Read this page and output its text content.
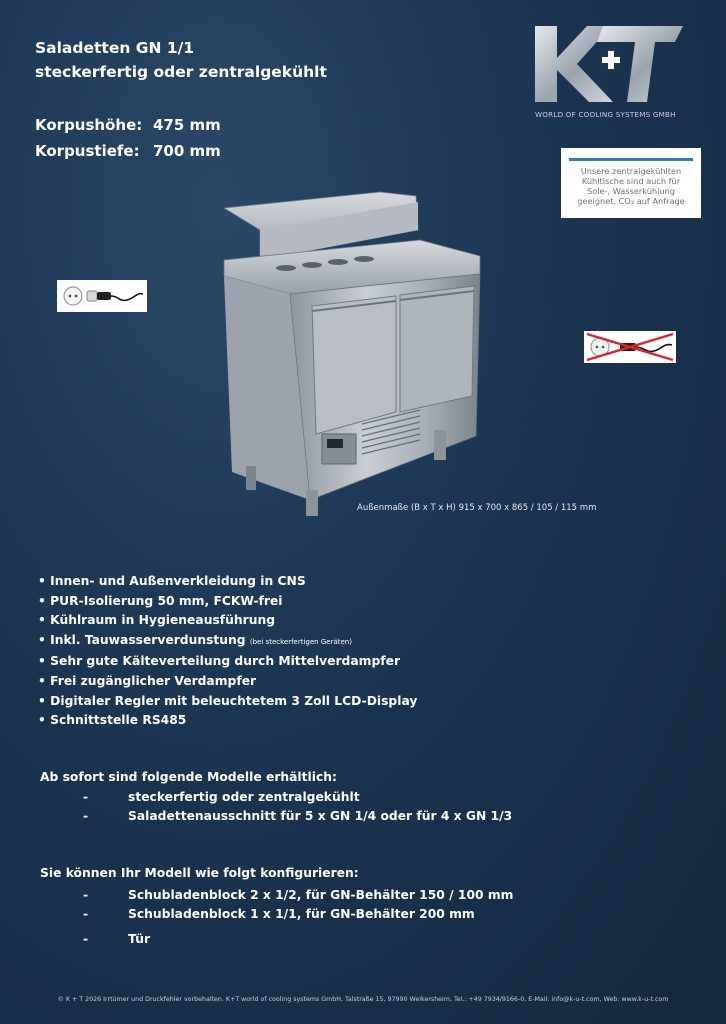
Saladetten GN 1/1
steckerfertig oder zentralgekühlt
Korpushöhe: 475 mm
Korpustiefe: 700 mm
WORLD OF COOLING SYSTEMS GMBH
Unsere zentralgekühlten
Kühltische sind auch für
Sole-, Wasserkühlung
geeignet, CO₂ auf Anfrage
Außenmaße (B x T x H) 915 x 700 x 865 / 105 / 115 mm
• Innen- und Außenverkleidung in CNS
• PUR-Isolierung 50 mm, FCKW-frei
• Kühlraum in Hygieneausführung
• Inkl. Tauwasserverdunstung (bei steckerfertigen Geräten)
• Sehr gute Kälteverteilung durch Mittelverdampfer
• Frei zugänglicher Verdampfer
• Digitaler Regler mit beleuchtetem 3 Zoll LCD-Display
• Schnittstelle RS485
Ab sofort sind folgende Modelle erhältlich:
-	steckerfertig oder zentralgekühlt
-	Saladettenausschnitt für 5 x GN 1/4 oder für 4 x GN 1/3
Sie können Ihr Modell wie folgt konfigurieren:
-	Schubladenblock 2 x 1/2, für GN-Behälter 150 / 100 mm
-	Schubladenblock 1 x 1/1, für GN-Behälter 200 mm
-	Tür
© K + T 2026 Irrtümer und Druckfehler vorbehalten. K+T world of cooling systems GmbH, Talstraße 15, 97990 Weikersheim, Tel.: +49 7934/9166-0, E-Mail: info@k-u-t.com, Web: www.k-u-t.com
